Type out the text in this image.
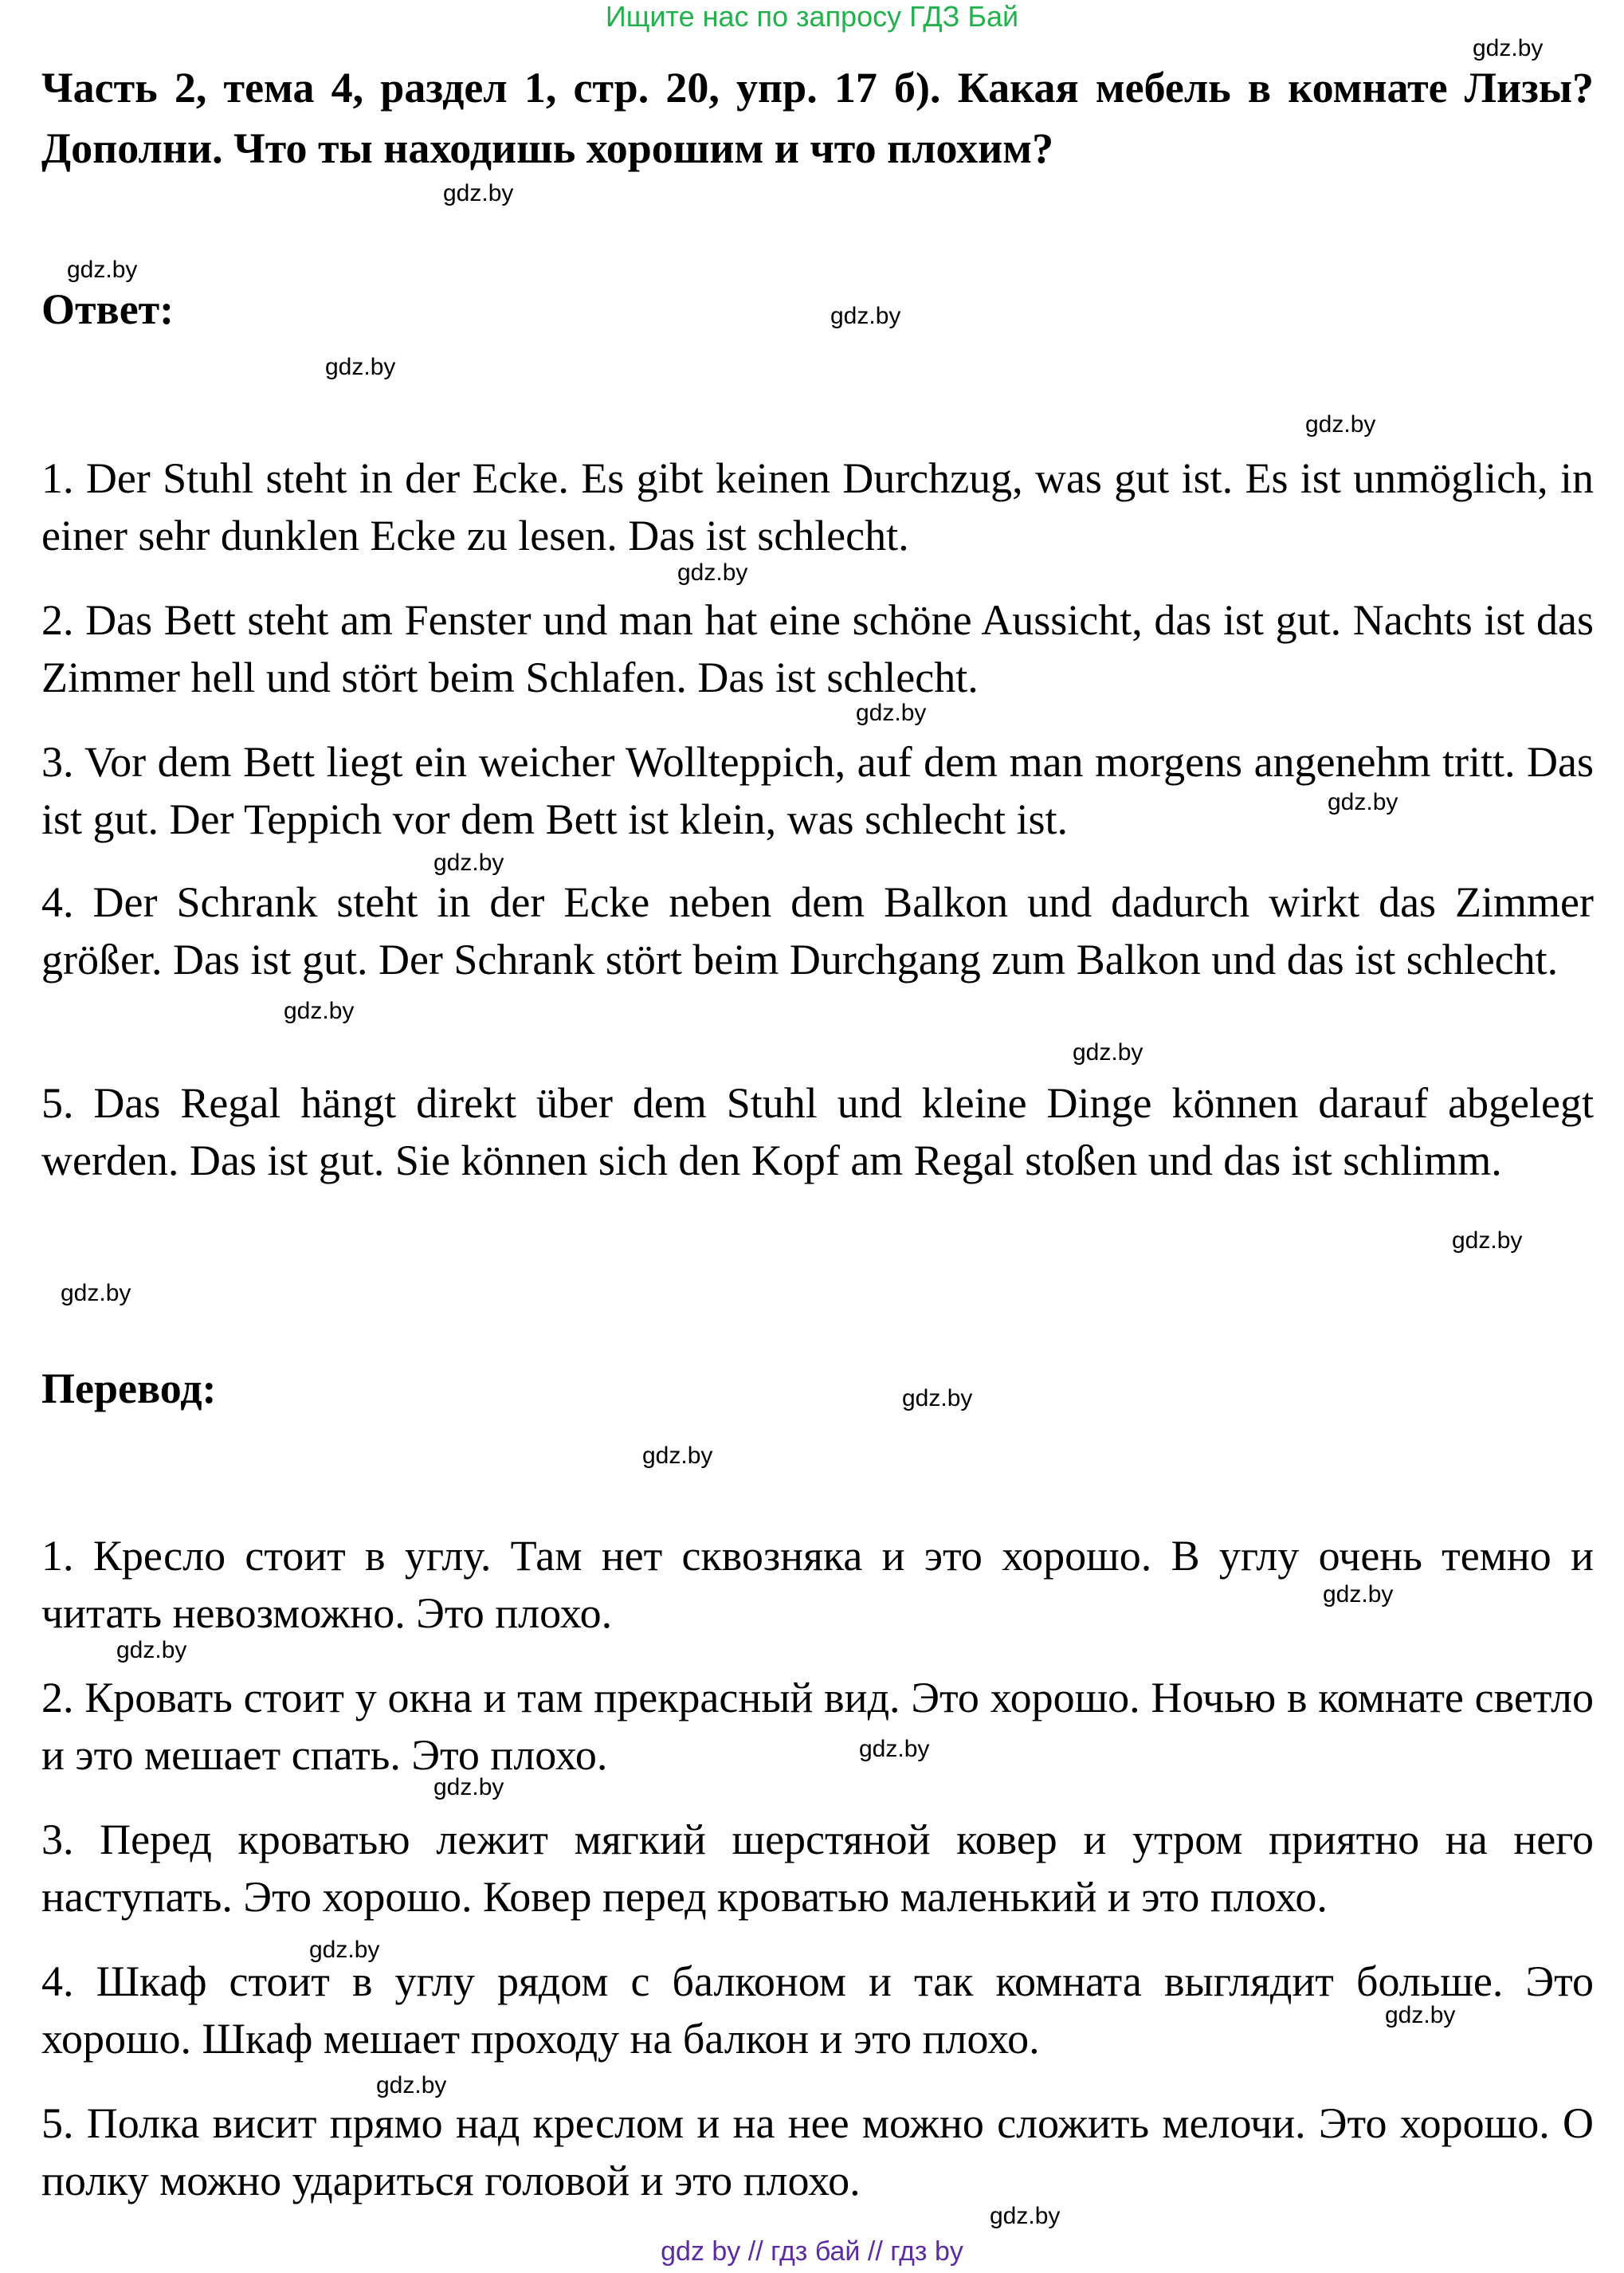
Ищите нас по запросу ГДЗ Бай
Часть 2, тема 4, раздел 1, стр. 20, упр. 17 б). Какая мебель в комнате Лизы? Дополни. Что ты находишь хорошим и что плохим?
Ответ:

1. Der Stuhl steht in der Ecke. Es gibt keinen Durchzug, was gut ist. Es ist unmöglich, in einer sehr dunklen Ecke zu lesen. Das ist schlecht.

2. Das Bett steht am Fenster und man hat eine schöne Aussicht, das ist gut. Nachts ist das Zimmer hell und stört beim Schlafen. Das ist schlecht.

3. Vor dem Bett liegt ein weicher Wollteppich, auf dem man morgens angenehm tritt. Das ist gut. Der Teppich vor dem Bett ist klein, was schlecht ist.

4. Der Schrank steht in der Ecke neben dem Balkon und dadurch wirkt das Zimmer größer. Das ist gut. Der Schrank stört beim Durchgang zum Balkon und das ist schlecht.

5. Das Regal hängt direkt über dem Stuhl und kleine Dinge können darauf abgelegt werden. Das ist gut. Sie können sich den Kopf am Regal stoßen und das ist schlimm.

Перевод:

1. Кресло стоит в углу. Там нет сквозняка и это хорошо. В углу очень темно и читать невозможно. Это плохо.

2. Кровать стоит у окна и там прекрасный вид. Это хорошо. Ночью в комнате светло и это мешает спать. Это плохо.

3. Перед кроватью лежит мягкий шерстяной ковер и утром приятно на него наступать. Это хорошо. Ковер перед кроватью маленький и это плохо.

4. Шкаф стоит в углу рядом с балконом и так комната выглядит больше. Это хорошо. Шкаф мешает проходу на балкон и это плохо.

5. Полка висит прямо над креслом и на нее можно сложить мелочи. Это хорошо. О полку можно удариться головой и это плохо.

gdz.by
gdz.by
gdz.by
gdz.by
gdz.by
gdz.by
gdz.by
gdz.by
gdz.by
gdz.by
gdz.by
gdz.by
gdz.by
gdz.by
gdz.by
gdz.by
gdz.by
gdz.by
gdz.by
gdz.by
gdz.by
gdz.by
gdz.by
gdz.by
gdz by // гдз бай // гдз by
